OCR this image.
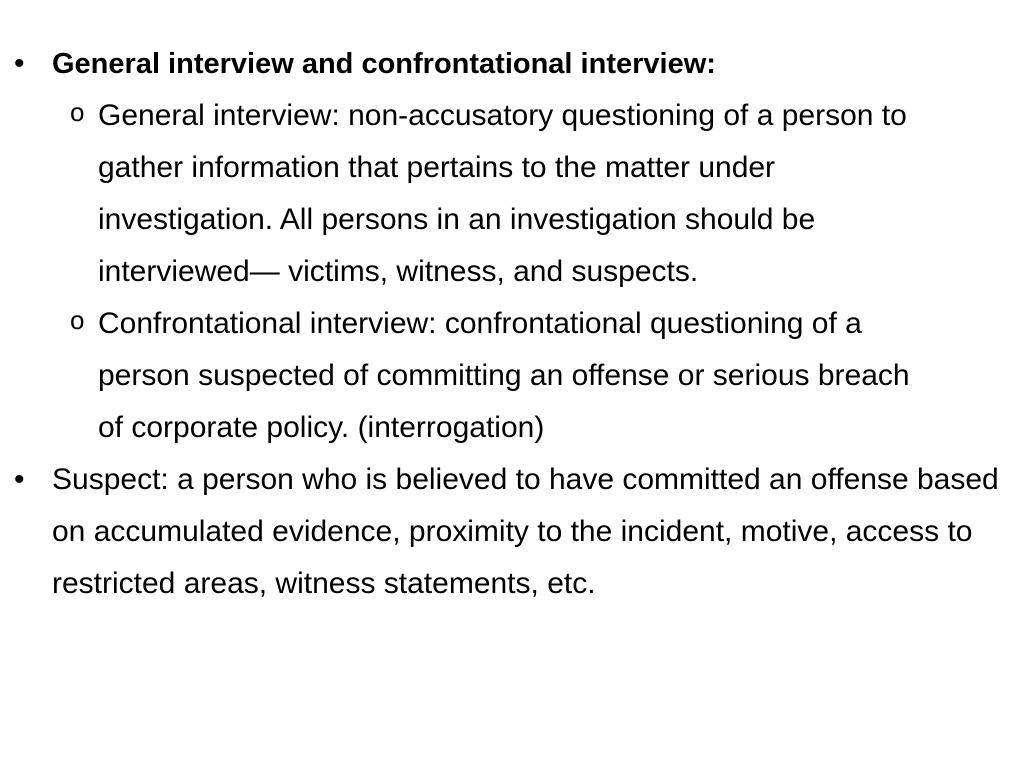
• General interview and confrontational interview:
o General interview: non-accusatory questioning of a person to gather information that pertains to the matter under investigation. All persons in an investigation should be interviewed— victims, witness, and suspects.
o Confrontational interview: confrontational questioning of a person suspected of committing an offense or serious breach of corporate policy. (interrogation)
• Suspect: a person who is believed to have committed an offense based on accumulated evidence, proximity to the incident, motive, access to restricted areas, witness statements, etc.
